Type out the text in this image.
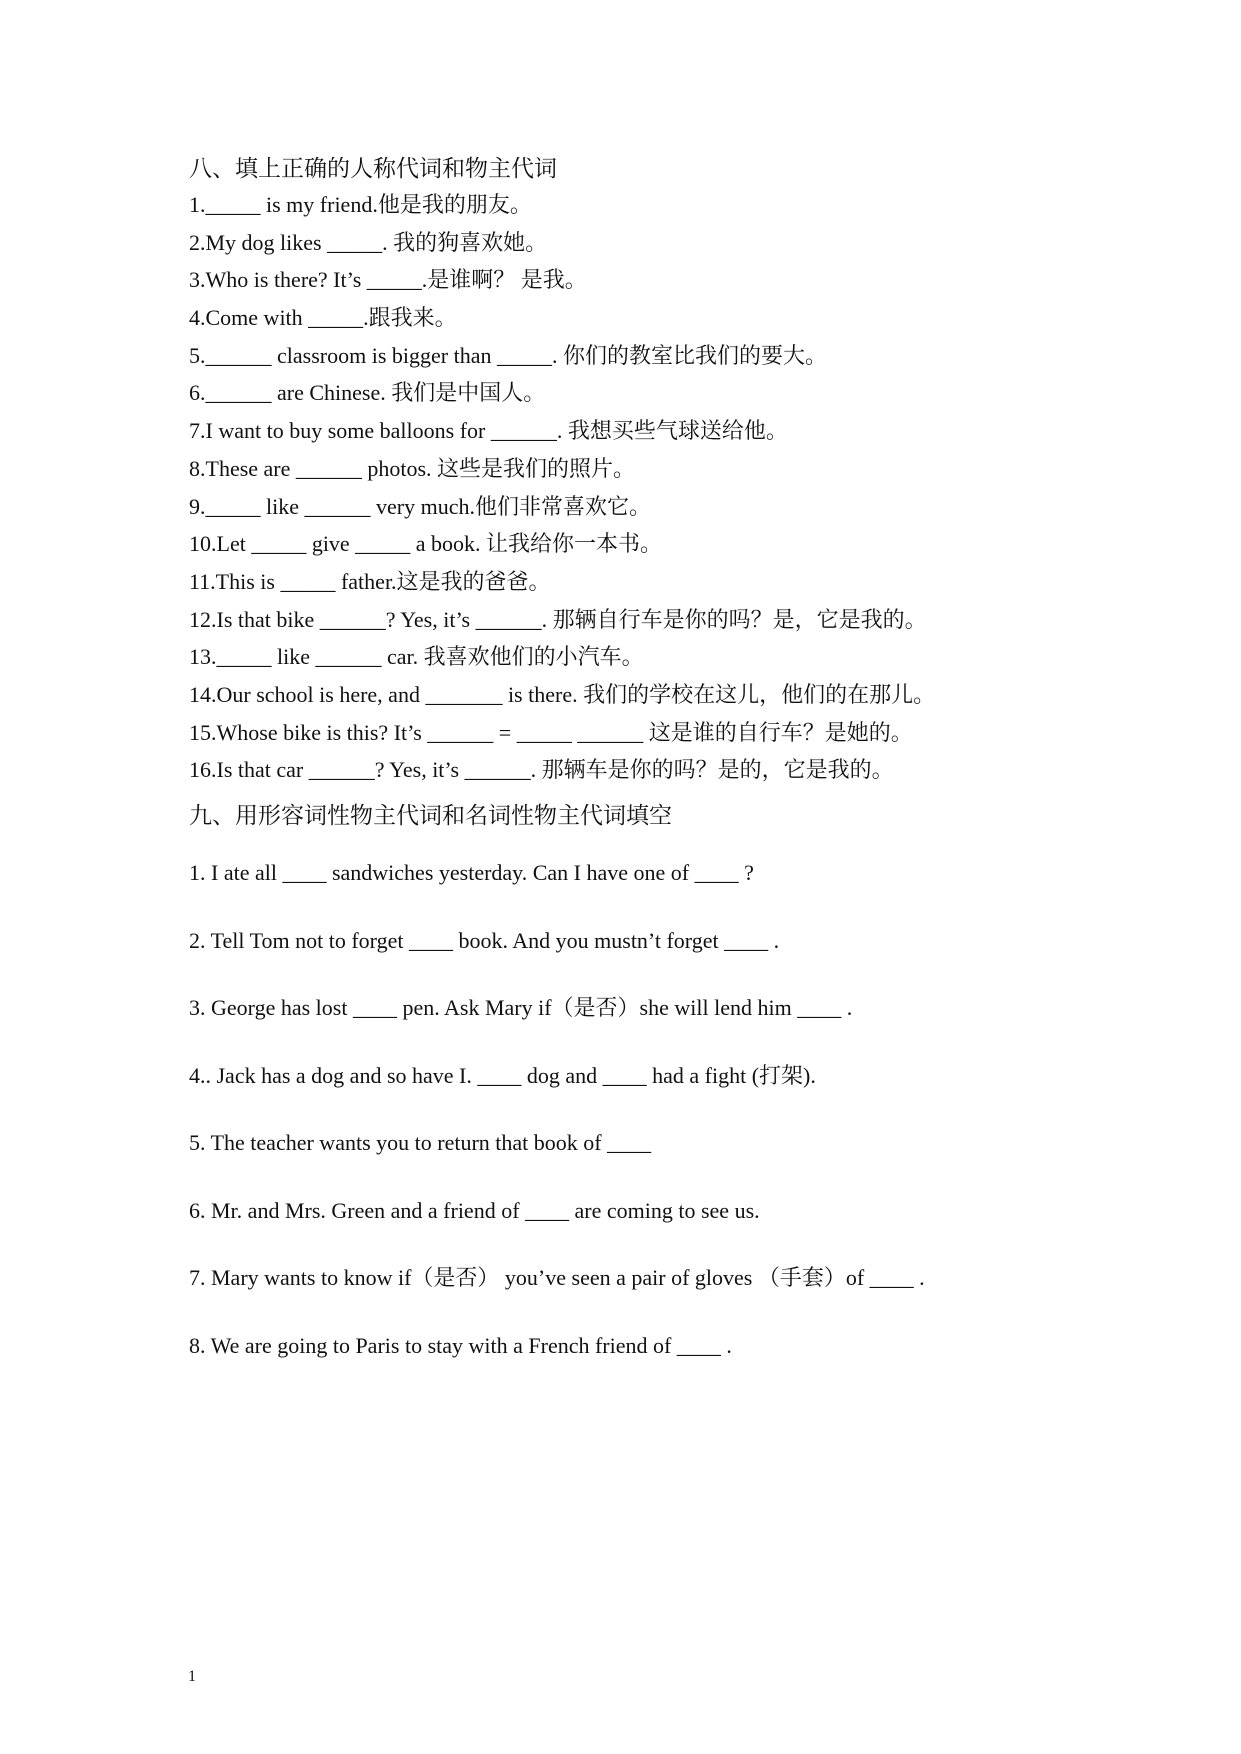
八、填上正确的人称代词和物主代词
1._____ is my friend.他是我的朋友。
2.My dog likes _____. 我的狗喜欢她。
3.Who is there? It’s _____.是谁啊？ 是我。
4.Come with _____.跟我来。
5.______ classroom is bigger than _____. 你们的教室比我们的要大。
6.______ are Chinese. 我们是中国人。
7.I want to buy some balloons for ______. 我想买些气球送给他。
8.These are ______ photos. 这些是我们的照片。
9._____ like ______ very much.他们非常喜欢它。
10.Let _____ give _____ a book. 让我给你一本书。
11.This is _____ father.这是我的爸爸。
12.Is that bike ______? Yes, it’s ______. 那辆自行车是你的吗？是，它是我的。
13._____ like ______ car. 我喜欢他们的小汽车。
14.Our school is here, and _______ is there. 我们的学校在这儿，他们的在那儿。
15.Whose bike is this? It’s ______ = _____ ______ 这是谁的自行车？是她的。
16.Is that car ______? Yes, it’s ______. 那辆车是你的吗？是的，它是我的。
九、用形容词性物主代词和名词性物主代词填空
1. I ate all ____ sandwiches yesterday. Can I have one of ____ ?
2. Tell Tom not to forget ____ book. And you mustn’t forget ____ .
3. George has lost ____ pen. Ask Mary if（是否）she will lend him ____ .
4.. Jack has a dog and so have I. ____ dog and ____ had a fight (打架).
5. The teacher wants you to return that book of ____
6. Mr. and Mrs. Green and a friend of ____ are coming to see us.
7. Mary wants to know if（是否） you’ve seen a pair of gloves （手套）of ____ .
8. We are going to Paris to stay with a French friend of ____ .
1
